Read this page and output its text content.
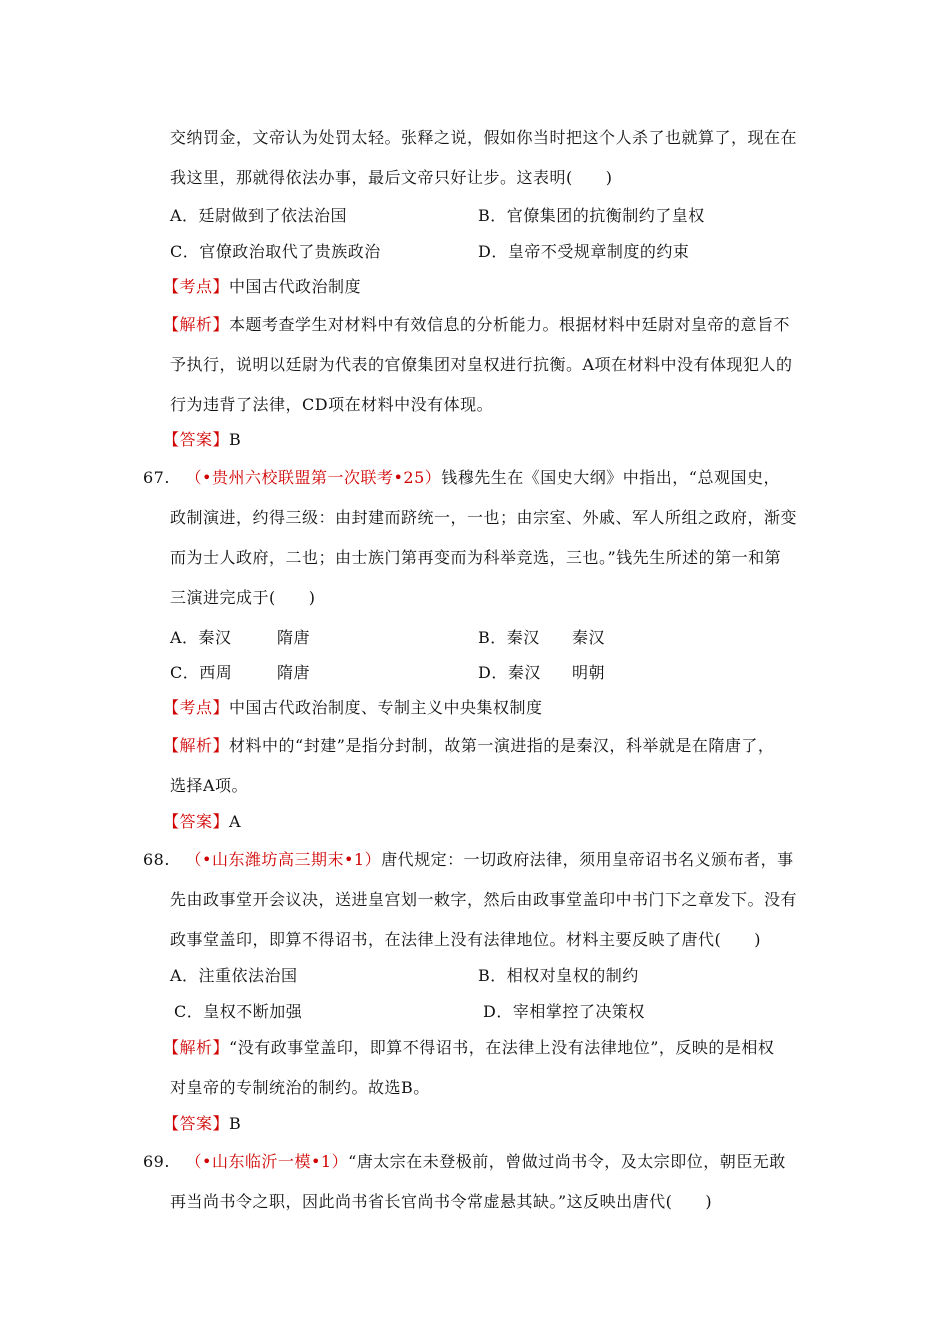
交纳罚金，文帝认为处罚太轻。张释之说，假如你当时把这个人杀了也就算了，现在在
我这里，那就得依法办事，最后文帝只好让步。这表明(　　)
A．廷尉做到了依法治国	B．官僚集团的抗衡制约了皇权
C．官僚政治取代了贵族政治	D．皇帝不受规章制度的约束
【考点】中国古代政治制度
【解析】本题考查学生对材料中有效信息的分析能力。根据材料中廷尉对皇帝的意旨不
予执行，说明以廷尉为代表的官僚集团对皇权进行抗衡。A项在材料中没有体现犯人的
行为违背了法律，CD项在材料中没有体现。
【答案】B
67. （•贵州六校联盟第一次联考•25）钱穆先生在《国史大纲》中指出，“总观国史，
政制演进，约得三级：由封建而跻统一，一也；由宗室、外戚、军人所组之政府，渐变
而为士人政府，二也；由士族门第再变而为科举竞选，三也。”钱先生所述的第一和第
三演进完成于(　　)
A．秦汉	隋唐	B．秦汉 秦汉
C．西周	隋唐	D．秦汉 明朝
【考点】中国古代政治制度、专制主义中央集权制度
【解析】材料中的“封建”是指分封制，故第一演进指的是秦汉，科举就是在隋唐了，
选择A项。
【答案】A
68. （•山东潍坊高三期末•1）唐代规定：一切政府法律，须用皇帝诏书名义颁布者，事
先由政事堂开会议决，送进皇宫划一敕字，然后由政事堂盖印中书门下之章发下。没有
政事堂盖印，即算不得诏书，在法律上没有法律地位。材料主要反映了唐代(　　)
A．注重依法治国	B．相权对皇权的制约
C．皇权不断加强	D．宰相掌控了决策权
【解析】“没有政事堂盖印，即算不得诏书，在法律上没有法律地位”，反映的是相权
对皇帝的专制统治的制约。故选B。
【答案】B
69. （•山东临沂一模•1）“唐太宗在未登极前，曾做过尚书令，及太宗即位，朝臣无敢
再当尚书令之职，因此尚书省长官尚书令常虚悬其缺。”这反映出唐代(　　)
